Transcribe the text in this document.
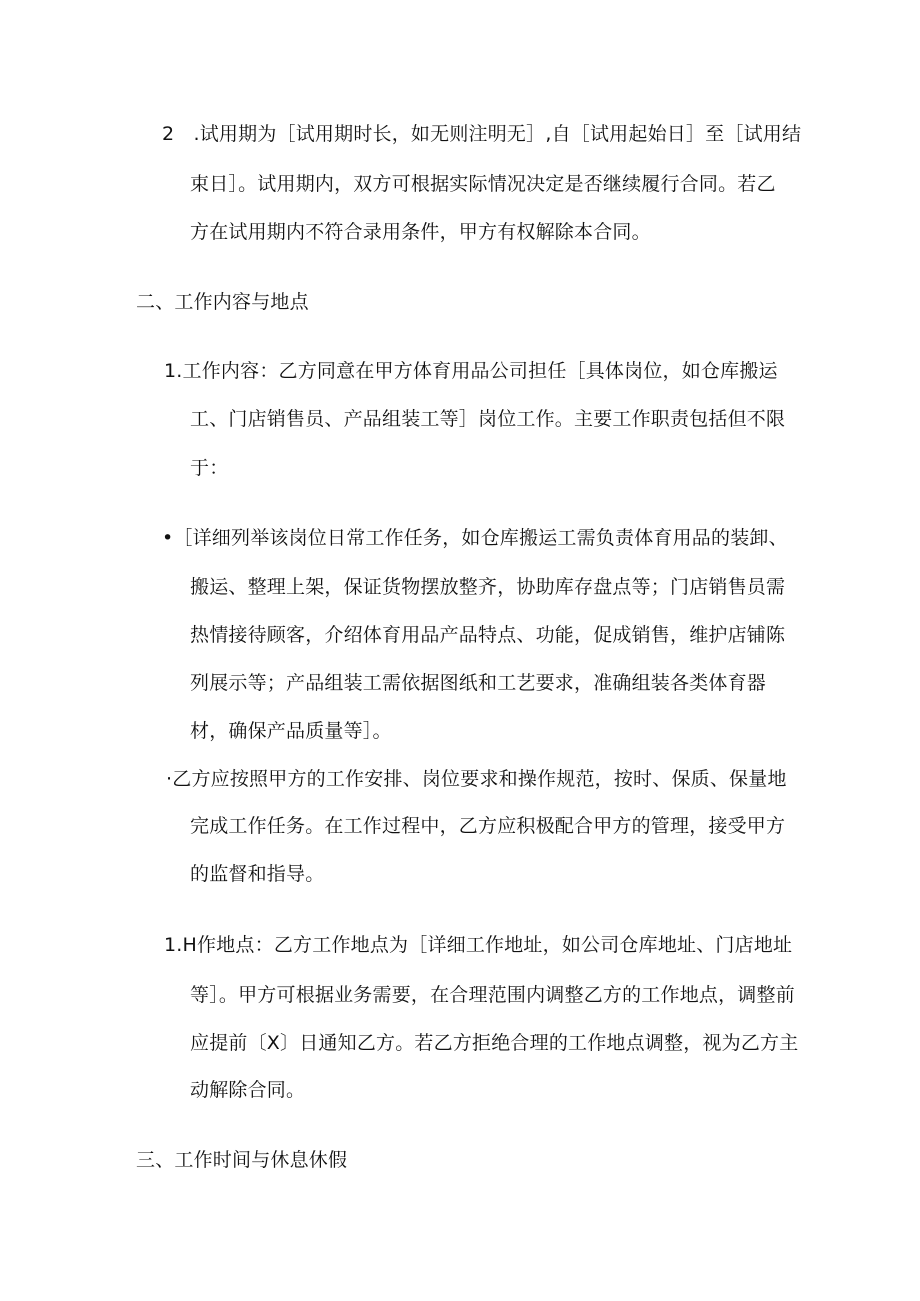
2　.试用期为［试用期时长，如无则注明无］,自［试用起始日］至［试用结
束日］。试用期内，双方可根据实际情况决定是否继续履行合同。若乙
方在试用期内不符合录用条件，甲方有权解除本合同。
二、工作内容与地点
1.工作内容：乙方同意在甲方体育用品公司担任［具体岗位，如仓库搬运
工、门店销售员、产品组装工等］岗位工作。主要工作职责包括但不限
于：
•［详细列举该岗位日常工作任务，如仓库搬运工需负责体育用品的装卸、
搬运、整理上架，保证货物摆放整齐，协助库存盘点等；门店销售员需
热情接待顾客，介绍体育用品产品特点、功能，促成销售，维护店铺陈
列展示等；产品组装工需依据图纸和工艺要求，准确组装各类体育器
材，确保产品质量等］。
·乙方应按照甲方的工作安排、岗位要求和操作规范，按时、保质、保量地
完成工作任务。在工作过程中，乙方应积极配合甲方的管理，接受甲方
的监督和指导。
1.H作地点：乙方工作地点为［详细工作地址，如公司仓库地址、门店地址
等］。甲方可根据业务需要，在合理范围内调整乙方的工作地点，调整前
应提前〔X〕日通知乙方。若乙方拒绝合理的工作地点调整，视为乙方主
动解除合同。
三、工作时间与休息休假
